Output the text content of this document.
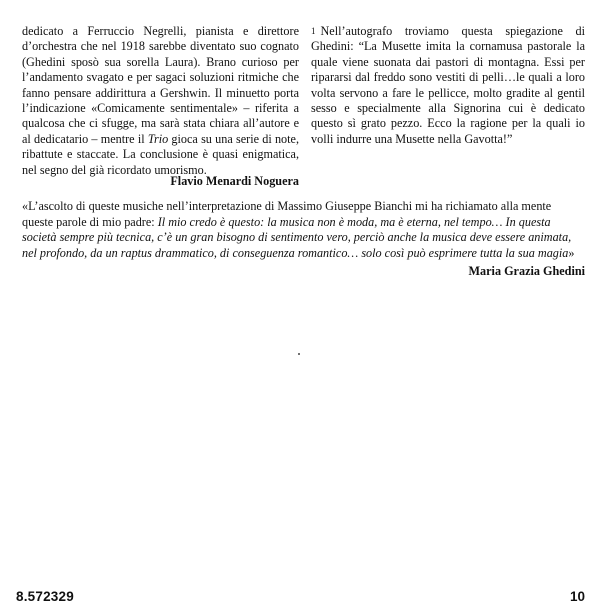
dedicato a Ferruccio Negrelli, pianista e direttore d’orchestra che nel 1918 sarebbe diventato suo cognato (Ghedini sposò sua sorella Laura). Brano curioso per l’andamento svagato e per sagaci soluzioni ritmiche che fanno pensare addirittura a Gershwin. Il minuetto porta l’indicazione «Comicamente sentimentale» – riferita a qualcosa che ci sfugge, ma sarà stata chiara all’autore e al dedicatario – mentre il Trio gioca su una serie di note, ribattute e staccate. La conclusione è quasi enigmatica, nel segno del già ricordato umorismo.

Flavio Menardi Noguera

$^1$ Nell’autografo troviamo questa spiegazione di Ghedini: “La Musette imita la cornamusa pastorale la quale viene suonata dai pastori di montagna. Essi per ripararsi dal freddo sono vestiti di pelli…le quali a loro volta servono a fare le pellicce, molto gradite al gentil sesso e specialmente alla Signorina cui è dedicato questo sì grato pezzo. Ecco la ragione per la quali io volli indurre una Musette nella Gavotta!”

«L’ascolto di queste musiche nell’interpretazione di Massimo Giuseppe Bianchi mi ha richiamato alla mente queste parole di mio padre: Il mio credo è questo: la musica non è moda, ma è eterna, nel tempo… In questa società sempre più tecnica, c’è un gran bisogno di sentimento vero, perciò anche la musica deve essere animata, nel profondo, da un raptus drammatico, di conseguenza romantico… solo così può esprimere tutta la sua magia»
Maria Grazia Ghedini
8.572329	10
